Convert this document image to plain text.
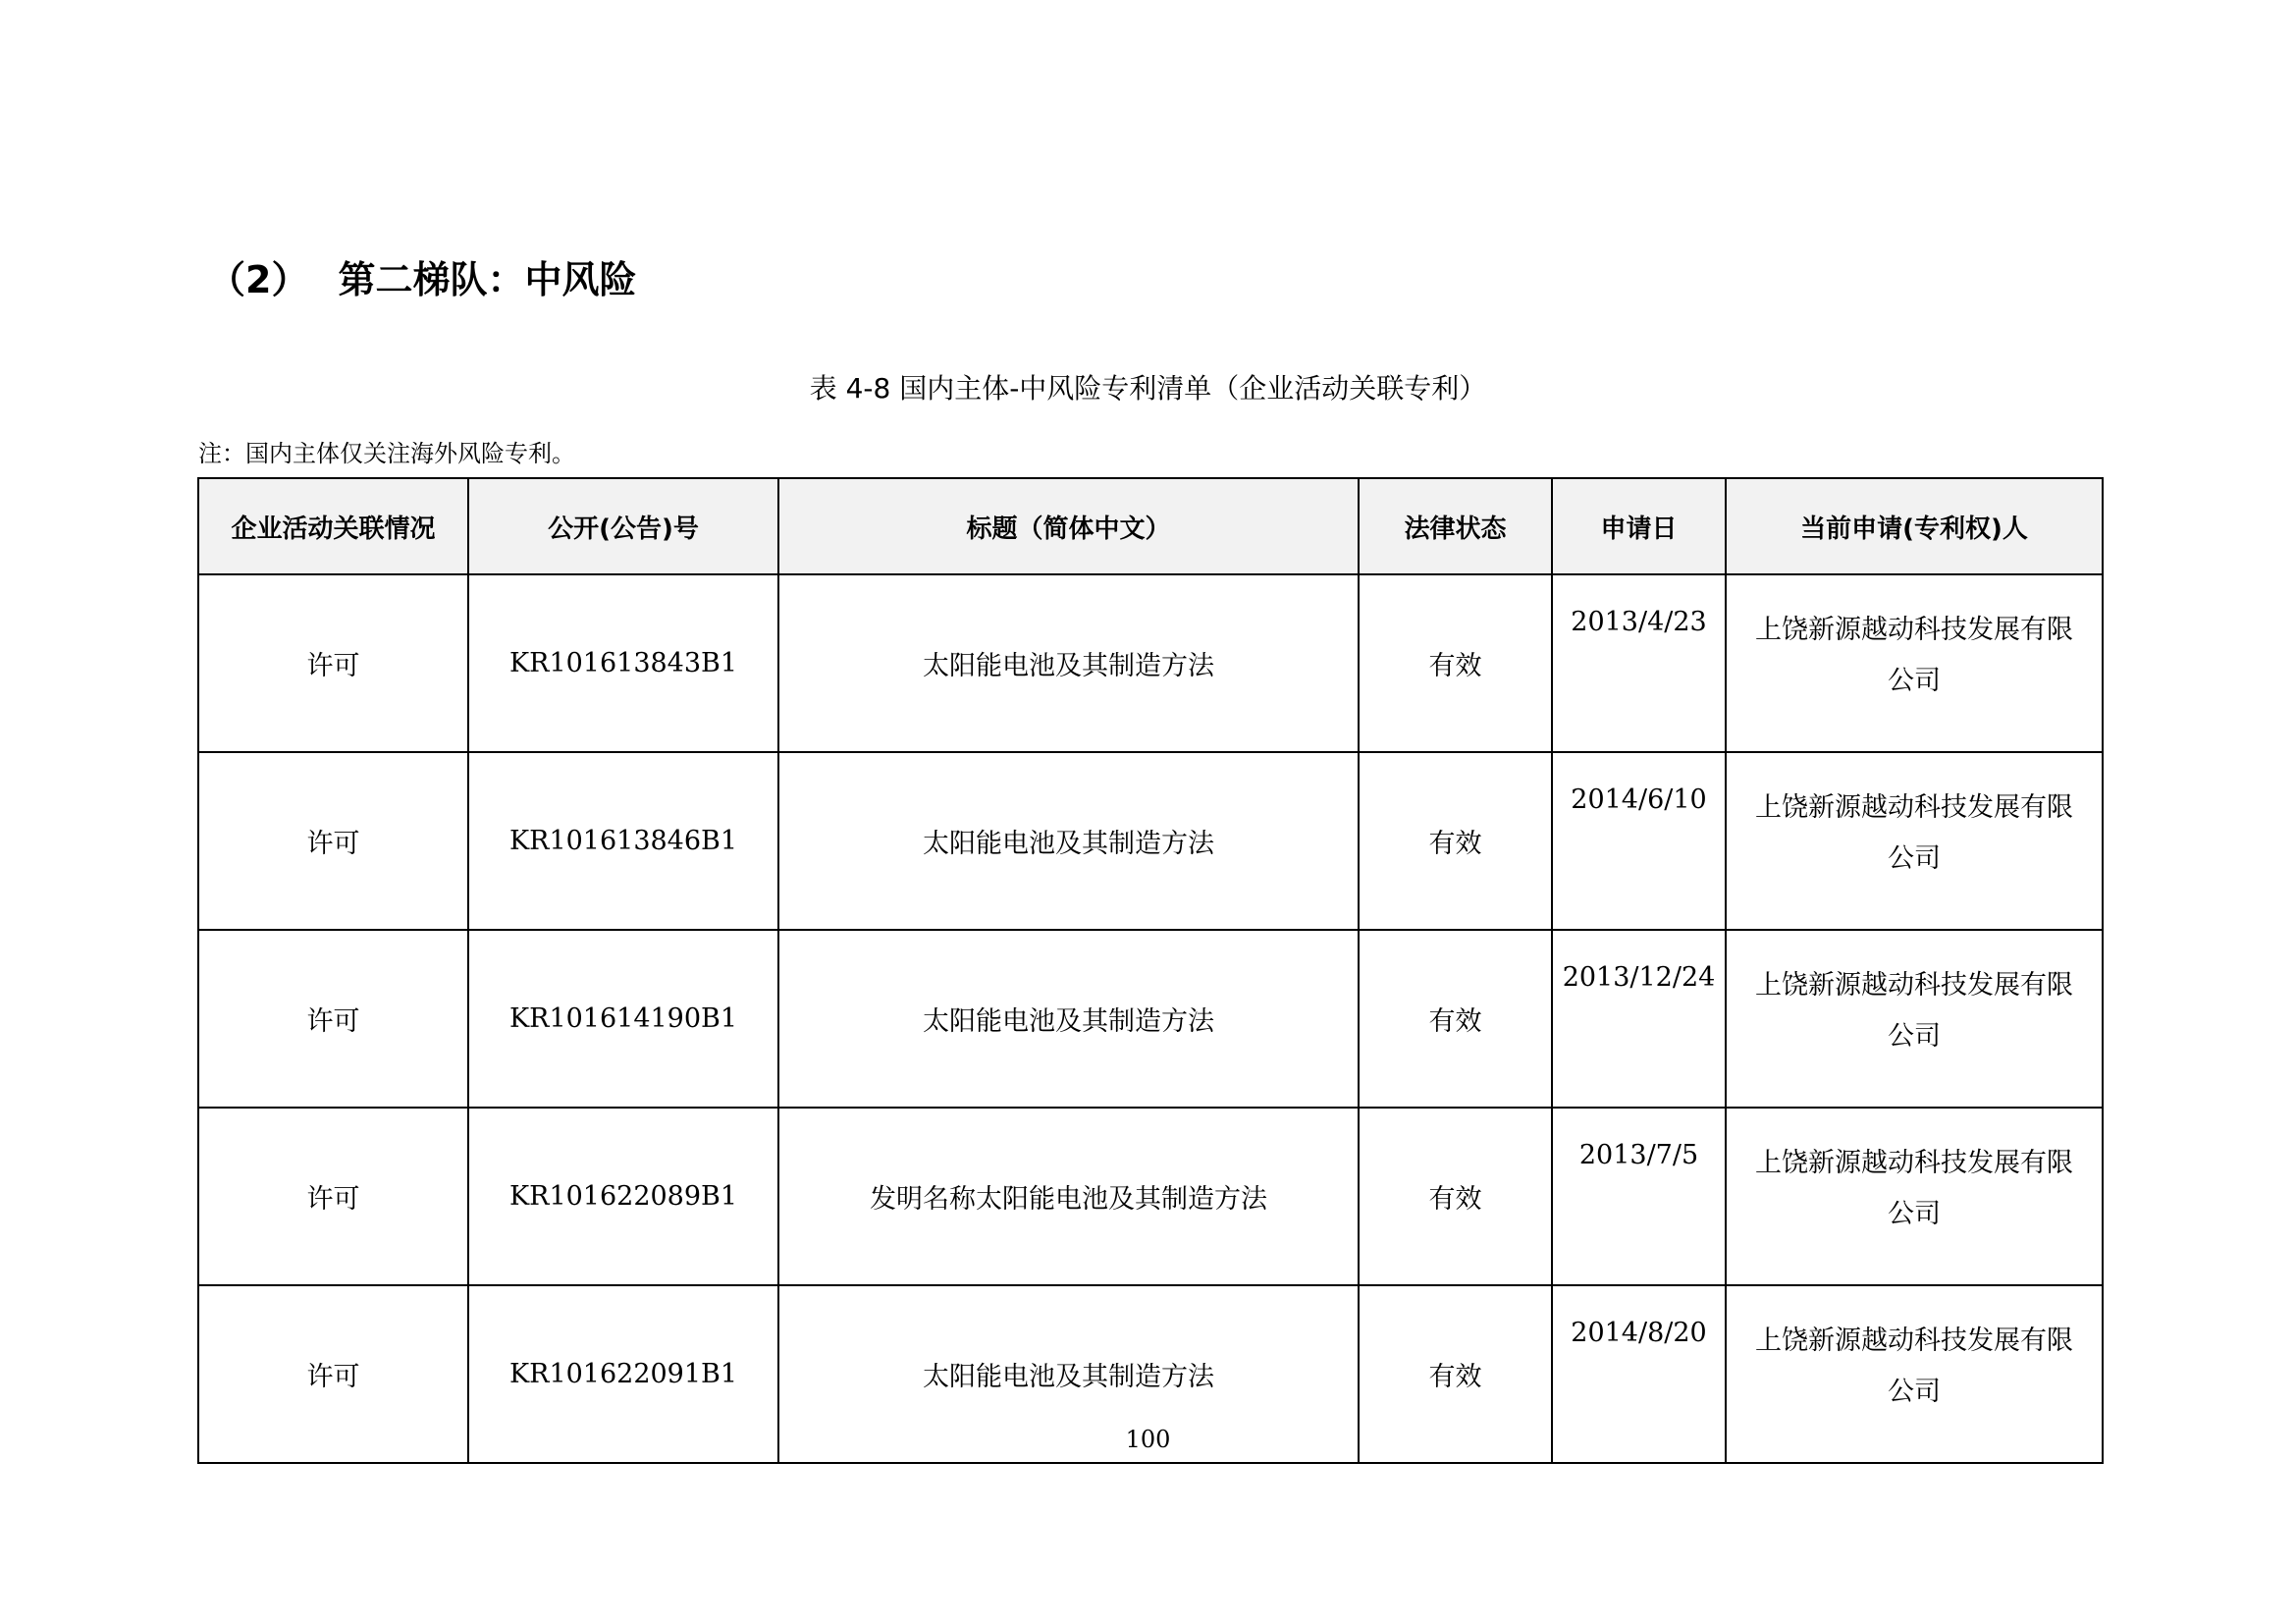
（2） 第二梯队：中风险
表 4-8 国内主体-中风险专利清单（企业活动关联专利）
注：国内主体仅关注海外风险专利。
企业活动关联情况	公开(公告)号	标题（简体中文）	法律状态	申请日	当前申请(专利权)人
许可	KR101613843B1	太阳能电池及其制造方法	有效	2013/4/23	上饶新源越动科技发展有限
公司
许可	KR101613846B1	太阳能电池及其制造方法	有效	2014/6/10	上饶新源越动科技发展有限
公司
许可	KR101614190B1	太阳能电池及其制造方法	有效	2013/12/24	上饶新源越动科技发展有限
公司
许可	KR101622089B1	发明名称太阳能电池及其制造方法	有效	2013/7/5	上饶新源越动科技发展有限
公司
许可	KR101622091B1	太阳能电池及其制造方法	有效	2014/8/20	上饶新源越动科技发展有限
公司
100
